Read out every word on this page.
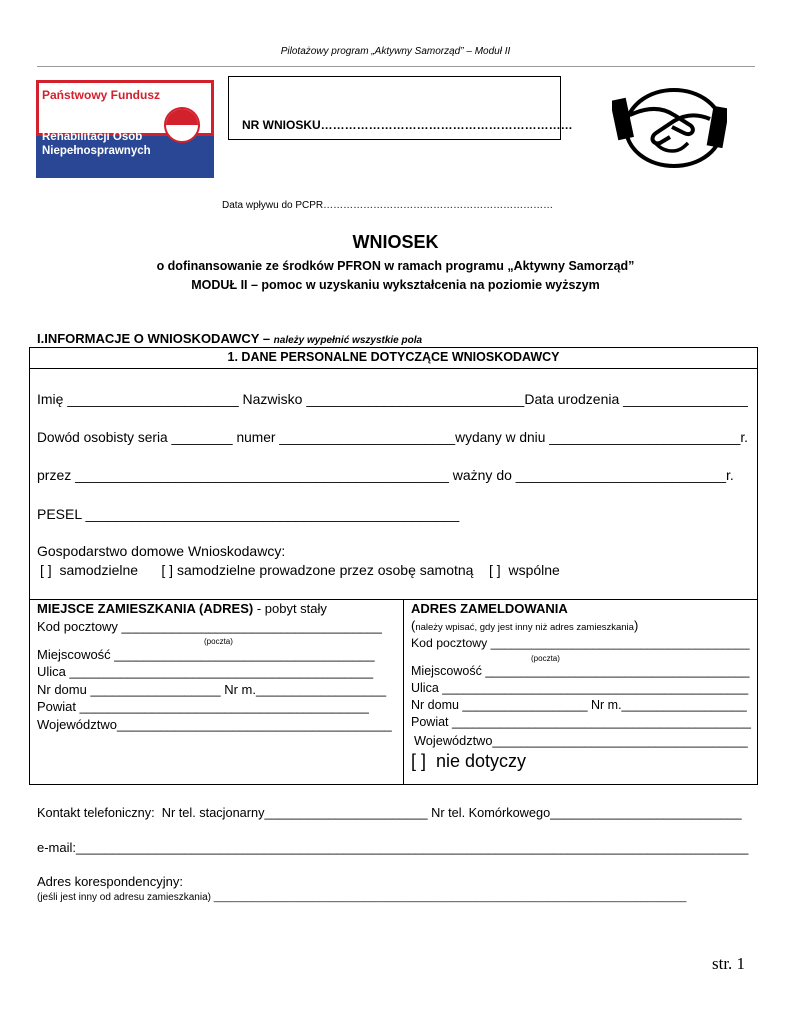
Pilotażowy program „Aktywny Samorząd” – Moduł II
Państwowy Fundusz
Rehabilitacji Osób
Niepełnosprawnych
NR WNIOSKU………………………………………………………
Data wpływu do PCPR……………………………………………………………
WNIOSEK
o dofinansowanie ze środków PFRON w ramach programu „Aktywny Samorząd”
MODUŁ II – pomoc w uzyskaniu wykształcenia na poziomie wyższym
I.INFORMACJE O WNIOSKODAWCY – należy wypełnić wszystkie pola
1. DANE PERSONALNE DOTYCZĄCE WNIOSKODAWCY
Imię ______________________ Nazwisko ____________________________Data urodzenia ________________
Dowód osobisty seria ________ numer _______________________wydany w dniu _________________________r.
przez ________________________________________________ ważny do ___________________________r.
PESEL ________________________________________________
Gospodarstwo domowe Wnioskodawcy:
[ ]  samodzielne      [ ] samodzielne prowadzone przez osobę samotną    [ ]  wspólne
MIEJSCE ZAMIESZKANIA (ADRES) - pobyt stały
Kod pocztowy ____________________________________
(poczta)
Miejscowość ____________________________________
Ulica __________________________________________
Nr domu __________________ Nr m.__________________
Powiat ________________________________________
Województwo______________________________________
ADRES ZAMELDOWANIA
(należy wpisać, gdy jest inny niż adres zamieszkania)
Kod pocztowy ______________________________________
(poczta)
Miejscowość ______________________________________
Ulica ____________________________________________
Nr domu __________________ Nr m.__________________
Powiat ___________________________________________
Województwo____________________________________
[ ]  nie dotyczy
Kontakt telefoniczny:  Nr tel. stacjonarny_______________________ Nr tel. Komórkowego___________________________
e-mail:_____________________________________________________________________________________________
Adres korespondencyjny:
(jeśli jest inny od adresu zamieszkania) _____________________________________________________________________________________
str. 1
